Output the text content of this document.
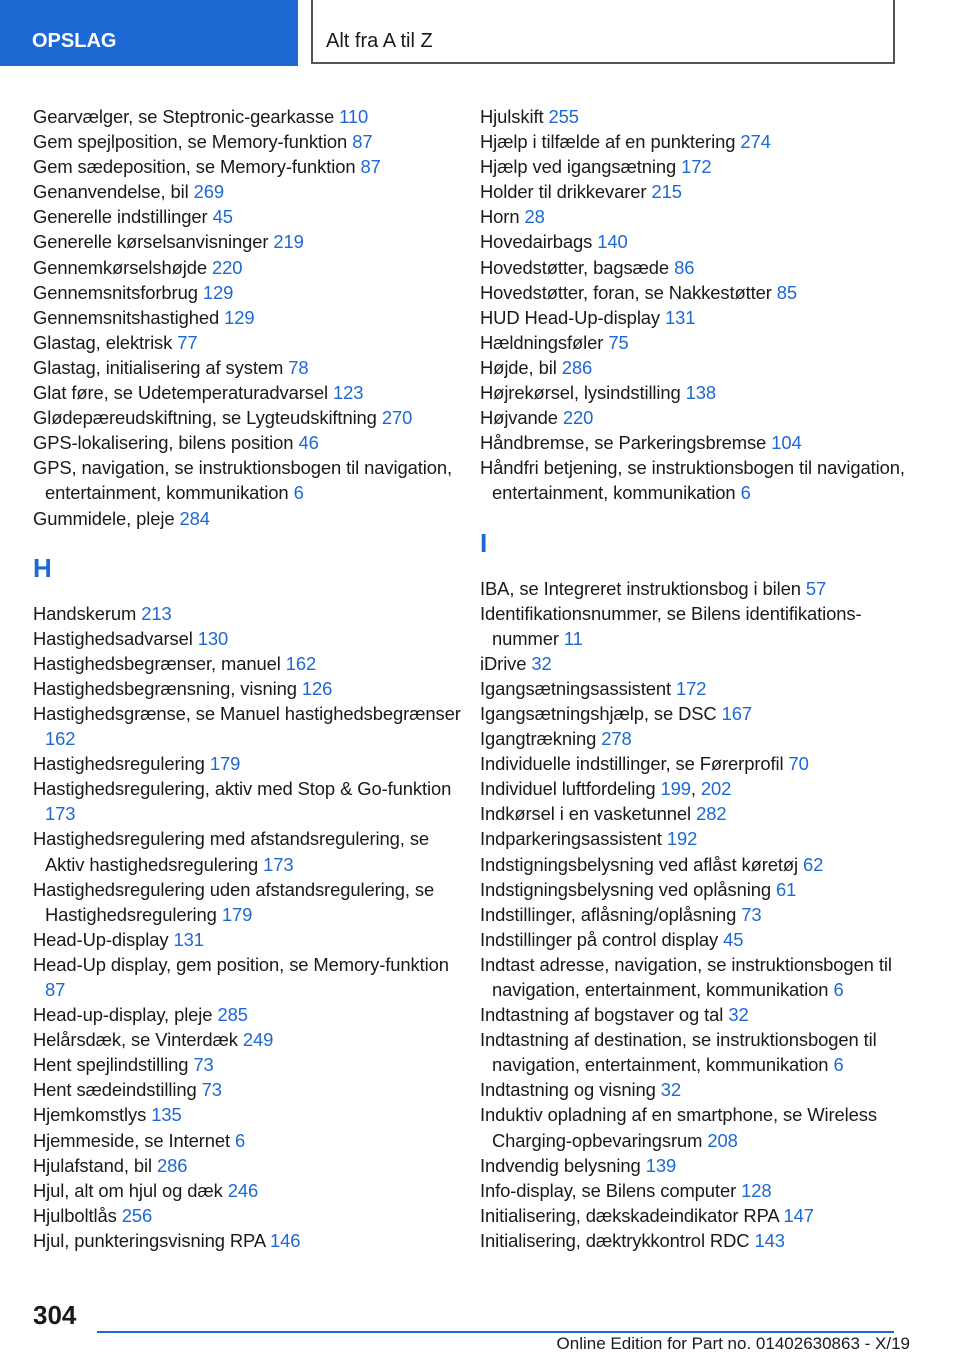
OPSLAG	Alt fra A til Z
Gearvælger, se Steptronic-gearkasse 110
Gem spejlposition, se Memory-funktion 87
Gem sædeposition, se Memory-funktion 87
Genanvendelse, bil 269
Generelle indstillinger 45
Generelle kørselsanvisninger 219
Gennemkørselshøjde 220
Gennemsnitsforbrug 129
Gennemsnitshastighed 129
Glastag, elektrisk 77
Glastag, initialisering af system 78
Glat føre, se Udetemperaturadvarsel 123
Glødepæreudskiftning, se Lygteudskiftning 270
GPS-lokalisering, bilens position 46
GPS, navigation, se instruktionsbogen til navigation, entertainment, kommunikation 6
Gummidele, pleje 284
H
Handskerum 213
Hastighedsadvarsel 130
Hastighedsbegrænser, manuel 162
Hastighedsbegrænsning, visning 126
Hastighedsgrænse, se Manuel hastighedsbegrænser 162
Hastighedsregulering 179
Hastighedsregulering, aktiv med Stop & Go-funktion 173
Hastighedsregulering med afstandsregulering, se Aktiv hastighedsregulering 173
Hastighedsregulering uden afstandsregulering, se Hastighedsregulering 179
Head-Up-display 131
Head-Up display, gem position, se Memory-funktion 87
Head-up-display, pleje 285
Helårsdæk, se Vinterdæk 249
Hent spejlindstilling 73
Hent sædeindstilling 73
Hjemkomstlys 135
Hjemmeside, se Internet 6
Hjulafstand, bil 286
Hjul, alt om hjul og dæk 246
Hjulboltlås 256
Hjul, punkteringsvisning RPA 146
Hjulskift 255
Hjælp i tilfælde af en punktering 274
Hjælp ved igangsætning 172
Holder til drikkevarer 215
Horn 28
Hovedairbags 140
Hovedstøtter, bagsæde 86
Hovedstøtter, foran, se Nakkestøtter 85
HUD Head-Up-display 131
Hældningsføler 75
Højde, bil 286
Højrekørsel, lysindstilling 138
Højvande 220
Håndbremse, se Parkeringsbremse 104
Håndfri betjening, se instruktionsbogen til navigation, entertainment, kommunikation 6
I
IBA, se Integreret instruktionsbog i bilen 57
Identifikationsnummer, se Bilens identifikationsnummer 11
iDrive 32
Igangsætningsassistent 172
Igangsætningshjælp, se DSC 167
Igangtrækning 278
Individuelle indstillinger, se Førerprofil 70
Individuel luftfordeling 199, 202
Indkørsel i en vasketunnel 282
Indparkeringsassistent 192
Indstigningsbelysning ved aflåst køretøj 62
Indstigningsbelysning ved oplåsning 61
Indstillinger, aflåsning/oplåsning 73
Indstillinger på control display 45
Indtast adresse, navigation, se instruktionsbogen til navigation, entertainment, kommunikation 6
Indtastning af bogstaver og tal 32
Indtastning af destination, se instruktionsbogen til navigation, entertainment, kommunikation 6
Indtastning og visning 32
Induktiv opladning af en smartphone, se Wireless Charging-opbevaringsrum 208
Indvendig belysning 139
Info-display, se Bilens computer 128
Initialisering, dækskadeindikator RPA 147
Initialisering, dæktrykkontrol RDC 143
304
Online Edition for Part no. 01402630863 - X/19
